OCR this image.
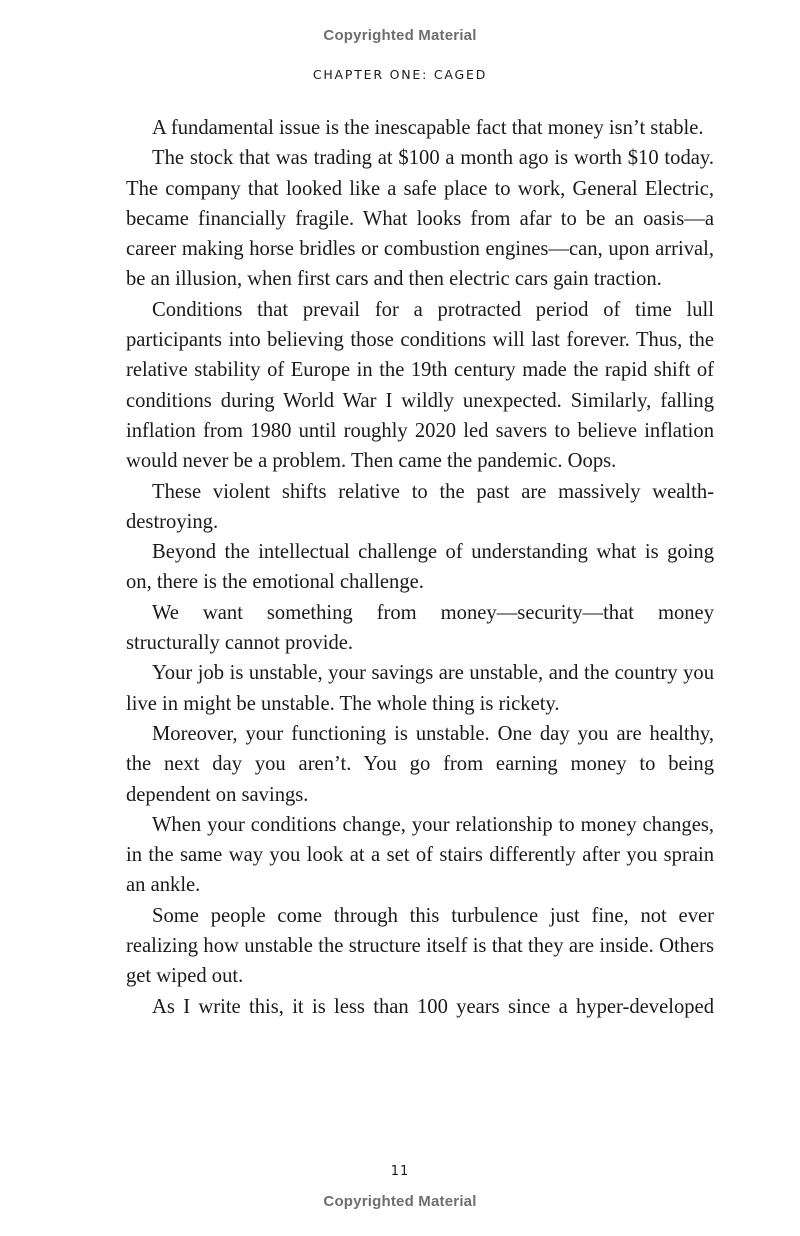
Copyrighted Material
CHAPTER ONE: CAGED

A fundamental issue is the inescapable fact that money isn’t stable.

The stock that was trading at $100 a month ago is worth $10 today. The company that looked like a safe place to work, General Electric, became financially fragile. What looks from afar to be an oasis—a career making horse bridles or combustion engines—can, upon arrival, be an illusion, when first cars and then electric cars gain traction.

Conditions that prevail for a protracted period of time lull participants into believing those conditions will last forever. Thus, the relative stability of Europe in the 19th century made the rapid shift of conditions during World War I wildly unexpected. Similarly, falling inflation from 1980 until roughly 2020 led savers to believe inflation would never be a problem. Then came the pandemic. Oops.

These violent shifts relative to the past are massively wealth-destroying.

Beyond the intellectual challenge of understanding what is going on, there is the emotional challenge.

We want something from money—security—that money structurally cannot provide.

Your job is unstable, your savings are unstable, and the country you live in might be unstable. The whole thing is rickety.

Moreover, your functioning is unstable. One day you are healthy, the next day you aren’t. You go from earning money to being dependent on savings.

When your conditions change, your relationship to money changes, in the same way you look at a set of stairs differently after you sprain an ankle.

Some people come through this turbulence just fine, not ever realizing how unstable the structure itself is that they are inside. Others get wiped out.

As I write this, it is less than 100 years since a hyper-developed

11
Copyrighted Material
